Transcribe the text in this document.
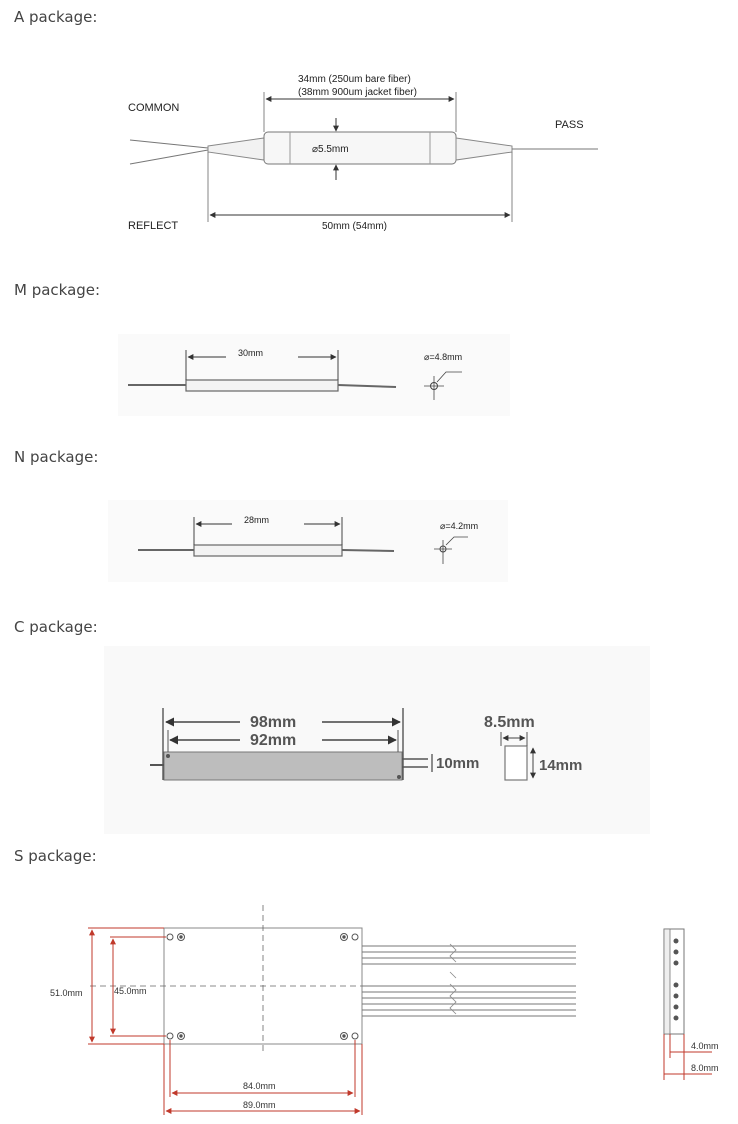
A package:
M package:
N package:
C package:
S package:
COMMON
REFLECT
PASS
34mm (250um bare fiber)
(38mm 900um jacket fiber)
⌀5.5mm
50mm (54mm)
30mm	⌀=4.8mm
28mm
⌀=4.2mm
98mm
92mm
10mm
8.5mm
14mm
51.0mm	45.0mm
84.0mm
89.0mm
4.0mm
8.0mm
